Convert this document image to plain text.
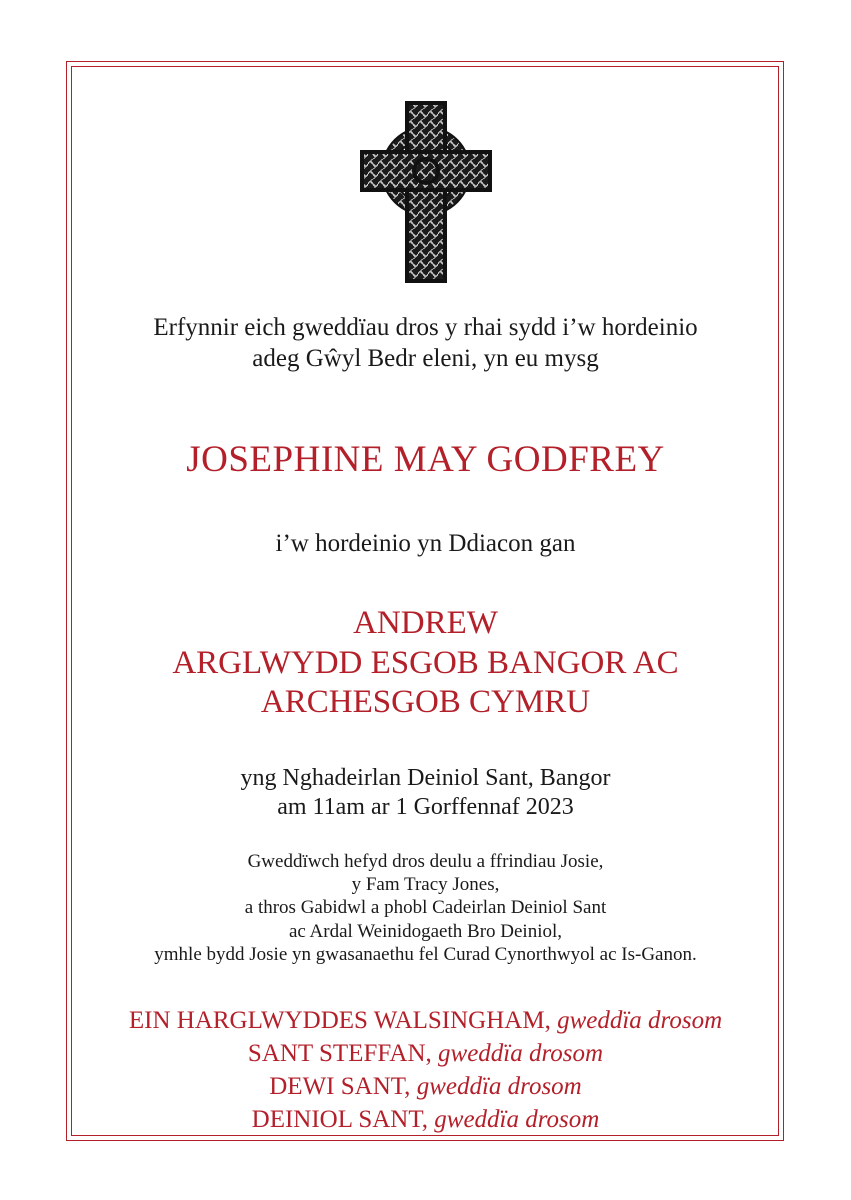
Erfynnir eich gweddïau dros y rhai sydd i’w hordeinio
adeg Gŵyl Bedr eleni, yn eu mysg
JOSEPHINE MAY GODFREY
i’w hordeinio yn Ddiacon gan
ANDREW
ARGLWYDD ESGOB BANGOR AC
ARCHESGOB CYMRU
yng Nghadeirlan Deiniol Sant, Bangor
am 11am ar 1 Gorffennaf 2023
Gweddïwch hefyd dros deulu a ffrindiau Josie,
y Fam Tracy Jones,
a thros Gabidwl a phobl Cadeirlan Deiniol Sant
ac Ardal Weinidogaeth Bro Deiniol,
ymhle bydd Josie yn gwasanaethu fel Curad Cynorthwyol ac Is-Ganon.
EIN HARGLWYDDES WALSINGHAM, gweddïa drosom
SANT STEFFAN, gweddïa drosom
DEWI SANT, gweddïa drosom
DEINIOL SANT, gweddïa drosom
